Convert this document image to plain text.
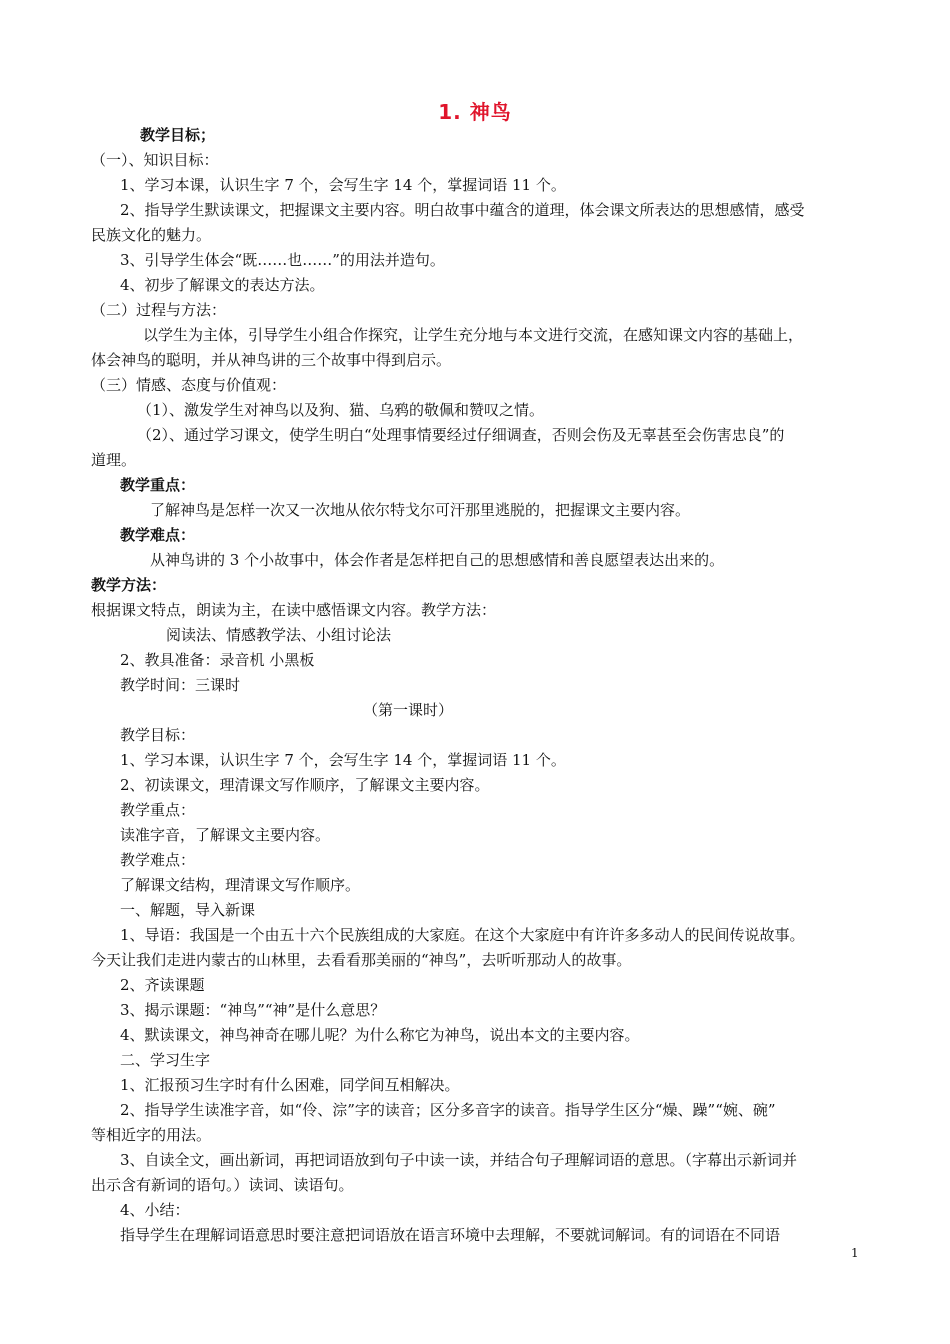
1. 神鸟
教学目标；
（一）、知识目标：
1、学习本课，认识生字 7 个，会写生字 14 个，掌握词语 11 个。
2、指导学生默读课文，把握课文主要内容。明白故事中蕴含的道理，体会课文所表达的思想感情，感受
民族文化的魅力。
3、引导学生体会“既……也……”的用法并造句。
4、初步了解课文的表达方法。
（二）过程与方法：
以学生为主体，引导学生小组合作探究，让学生充分地与本文进行交流，在感知课文内容的基础上，
体会神鸟的聪明，并从神鸟讲的三个故事中得到启示。
（三）情感、态度与价值观：
（1）、激发学生对神鸟以及狗、猫、乌鸦的敬佩和赞叹之情。
（2）、通过学习课文，使学生明白“处理事情要经过仔细调查，否则会伤及无辜甚至会伤害忠良”的
道理。
教学重点：
了解神鸟是怎样一次又一次地从依尔特戈尔可汗那里逃脱的，把握课文主要内容。
教学难点：
从神鸟讲的 3 个小故事中，体会作者是怎样把自己的思想感情和善良愿望表达出来的。
教学方法：
根据课文特点，朗读为主，在读中感悟课文内容。教学方法：
阅读法、情感教学法、小组讨论法
2、教具准备：录音机 小黑板
教学时间：三课时
（第一课时）
教学目标：
1、学习本课，认识生字 7 个，会写生字 14 个，掌握词语 11 个。
2、初读课文，理清课文写作顺序，了解课文主要内容。
教学重点：
读准字音，了解课文主要内容。
教学难点：
了解课文结构，理清课文写作顺序。
一、解题，导入新课
1、导语：我国是一个由五十六个民族组成的大家庭。在这个大家庭中有许许多多动人的民间传说故事。
今天让我们走进内蒙古的山林里，去看看那美丽的“神鸟”，去听听那动人的故事。
2、齐读课题
3、揭示课题：“神鸟”“神”是什么意思？
4、默读课文，神鸟神奇在哪儿呢？为什么称它为神鸟，说出本文的主要内容。
二、学习生字
1、汇报预习生字时有什么困难，同学间互相解决。
2、指导学生读准字音，如“伶、淙”字的读音；区分多音字的读音。指导学生区分“燥、躁”“婉、碗”
等相近字的用法。
3、自读全文，画出新词，再把词语放到句子中读一读，并结合句子理解词语的意思。（字幕出示新词并
出示含有新词的语句。）读词、读语句。
4、小结：
指导学生在理解词语意思时要注意把词语放在语言环境中去理解，不要就词解词。有的词语在不同语
1
